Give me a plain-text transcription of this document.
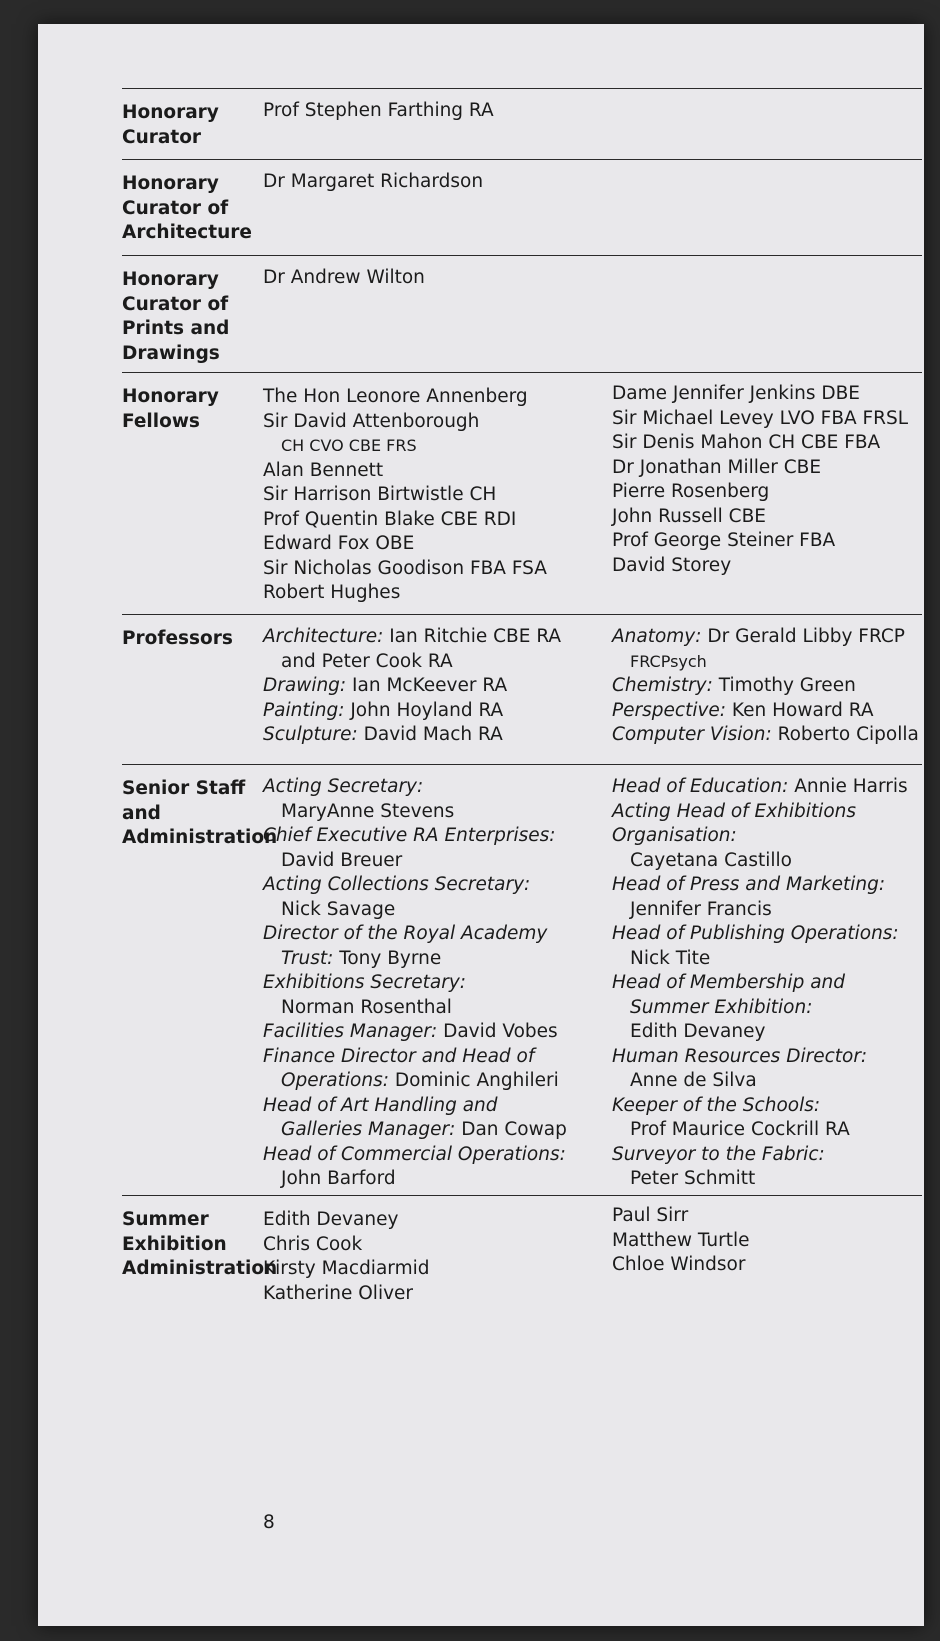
Honorary
Curator
Prof Stephen Farthing RA
Honorary
Curator of
Architecture
Dr Margaret Richardson
Honorary
Curator of
Prints and
Drawings
Dr Andrew Wilton
Honorary
Fellows
The Hon Leonore Annenberg
Sir David Attenborough
CH CVO CBE FRS
Alan Bennett
Sir Harrison Birtwistle CH
Prof Quentin Blake CBE RDI
Edward Fox OBE
Sir Nicholas Goodison FBA FSA
Robert Hughes
Dame Jennifer Jenkins DBE
Sir Michael Levey LVO FBA FRSL
Sir Denis Mahon CH CBE FBA
Dr Jonathan Miller CBE
Pierre Rosenberg
John Russell CBE
Prof George Steiner FBA
David Storey
Professors	Architecture: Ian Ritchie CBE RA
and Peter Cook RA
Drawing: Ian McKeever RA
Painting: John Hoyland RA
Sculpture: David Mach RA
Anatomy: Dr Gerald Libby FRCP
FRCPsych
Chemistry: Timothy Green
Perspective: Ken Howard RA
Computer Vision: Roberto Cipolla
Senior Staff
and
Administration
Acting Secretary:
MaryAnne Stevens
Chief Executive RA Enterprises:
David Breuer
Acting Collections Secretary:
Nick Savage
Director of the Royal Academy
Trust: Tony Byrne
Exhibitions Secretary:
Norman Rosenthal
Facilities Manager: David Vobes
Finance Director and Head of
Operations: Dominic Anghileri
Head of Art Handling and
Galleries Manager: Dan Cowap
Head of Commercial Operations:
John Barford
Head of Education: Annie Harris
Acting Head of Exhibitions
Organisation:
Cayetana Castillo
Head of Press and Marketing:
Jennifer Francis
Head of Publishing Operations:
Nick Tite
Head of Membership and
Summer Exhibition:
Edith Devaney
Human Resources Director:
Anne de Silva
Keeper of the Schools:
Prof Maurice Cockrill RA
Surveyor to the Fabric:
Peter Schmitt
Summer
Exhibition
Administration
Edith Devaney
Chris Cook
Kirsty Macdiarmid
Katherine Oliver
Paul Sirr
Matthew Turtle
Chloe Windsor
8
